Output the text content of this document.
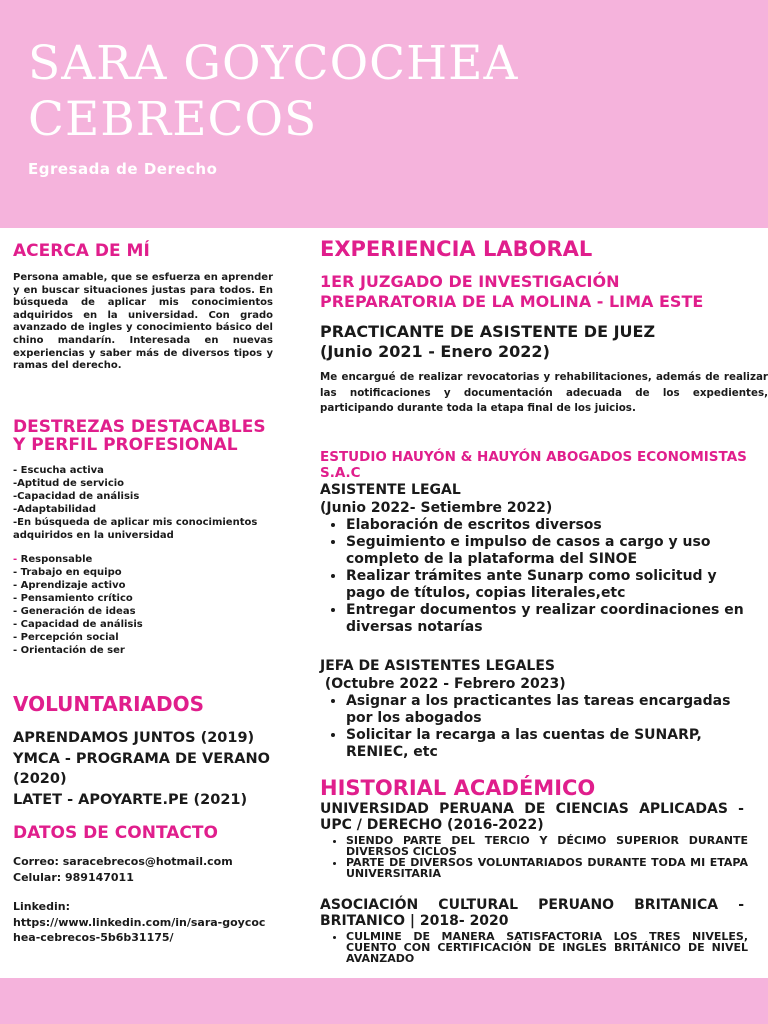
SARA GOYCOCHEA
CEBRECOS
Egresada de Derecho
ACERCA DE MÍ

Persona amable, que se esfuerza en aprender y en buscar situaciones justas para todos. En búsqueda de aplicar mis conocimientos adquiridos en la universidad. Con grado avanzado de ingles y conocimiento básico del chino mandarín. Interesada en nuevas experiencias y saber más de diversos tipos y ramas del derecho.

DESTREZAS DESTACABLES
Y PERFIL PROFESIONAL
- Escucha activa
-Aptitud de servicio
-Capacidad de análisis
-Adaptabilidad
-En búsqueda de aplicar mis conocimientos adquiridos en la universidad
- Responsable
- Trabajo en equipo
- Aprendizaje activo
- Pensamiento crítico
- Generación de ideas
- Capacidad de análisis
- Percepción social
- Orientación de ser
VOLUNTARIADOS
APRENDAMOS JUNTOS (2019)
YMCA - PROGRAMA DE VERANO (2020)
LATET - APOYARTE.PE (2021)
DATOS DE CONTACTO
Correo: saracebrecos@hotmail.com
Celular: 989147011
Linkedin:
https://www.linkedin.com/in/sara-goycochea-cebrecos-5b6b31175/
EXPERIENCIA LABORAL
1ER JUZGADO DE INVESTIGACIÓN PREPARATORIA DE LA MOLINA - LIMA ESTE
PRACTICANTE DE ASISTENTE DE JUEZ
(Junio 2021 - Enero 2022)

Me encargué de realizar revocatorias y rehabilitaciones, además de realizar las notificaciones y documentación adecuada de los expedientes, participando durante toda la etapa final de los juicios.

ESTUDIO HAUYÓN & HAUYÓN ABOGADOS ECONOMISTAS S.A.C
ASISTENTE LEGAL
(Junio 2022- Setiembre 2022)
• Elaboración de escritos diversos
• Seguimiento e impulso de casos a cargo y uso completo de la plataforma del SINOE
• Realizar trámites ante Sunarp como solicitud y pago de títulos, copias literales,etc
• Entregar documentos y realizar coordinaciones en diversas notarías
JEFA DE ASISTENTES LEGALES
(Octubre 2022 - Febrero 2023)
• Asignar a los practicantes las tareas encargadas por los abogados
• Solicitar la recarga a las cuentas de SUNARP, RENIEC, etc
HISTORIAL ACADÉMICO
UNIVERSIDAD PERUANA DE CIENCIAS APLICADAS - UPC / DERECHO (2016-2022)
• SIENDO PARTE DEL TERCIO Y DÉCIMO SUPERIOR DURANTE DIVERSOS CICLOS
• PARTE DE DIVERSOS VOLUNTARIADOS DURANTE TODA MI ETAPA UNIVERSITARIA
ASOCIACIÓN CULTURAL PERUANO BRITANICA - BRITANICO | 2018- 2020
• CULMINE DE MANERA SATISFACTORIA LOS TRES NIVELES, CUENTO CON CERTIFICACIÓN DE INGLES BRITÁNICO DE NIVEL AVANZADO
